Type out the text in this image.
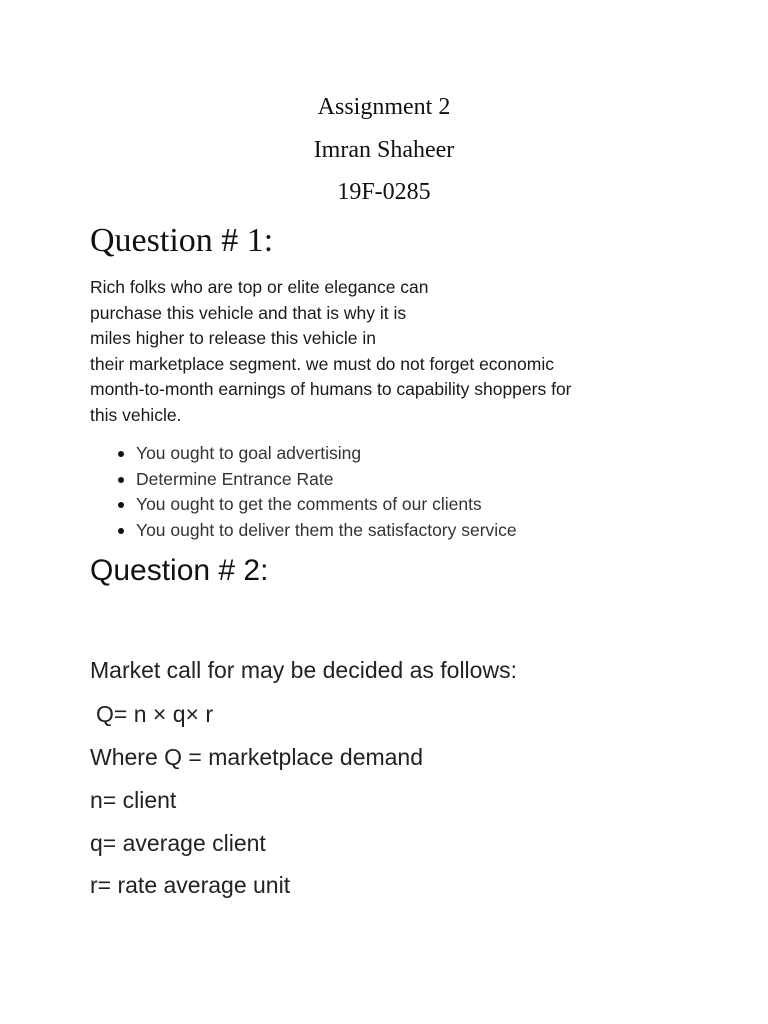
Assignment 2
Imran Shaheer
19F-0285
Question # 1:

Rich folks who are top or elite elegance can

purchase this vehicle and that is why it is

miles higher to release this vehicle in

their marketplace segment. we must do not forget economic

month-to-month earnings of humans to capability shoppers for

this vehicle.

You ought to goal advertising
Determine Entrance Rate
You ought to get the comments of our clients
You ought to deliver them the satisfactory service
Question # 2:
Market call for may be decided as follows:
Q= n × q× r
Where Q = marketplace demand
n= client
q= average client
r= rate average unit
